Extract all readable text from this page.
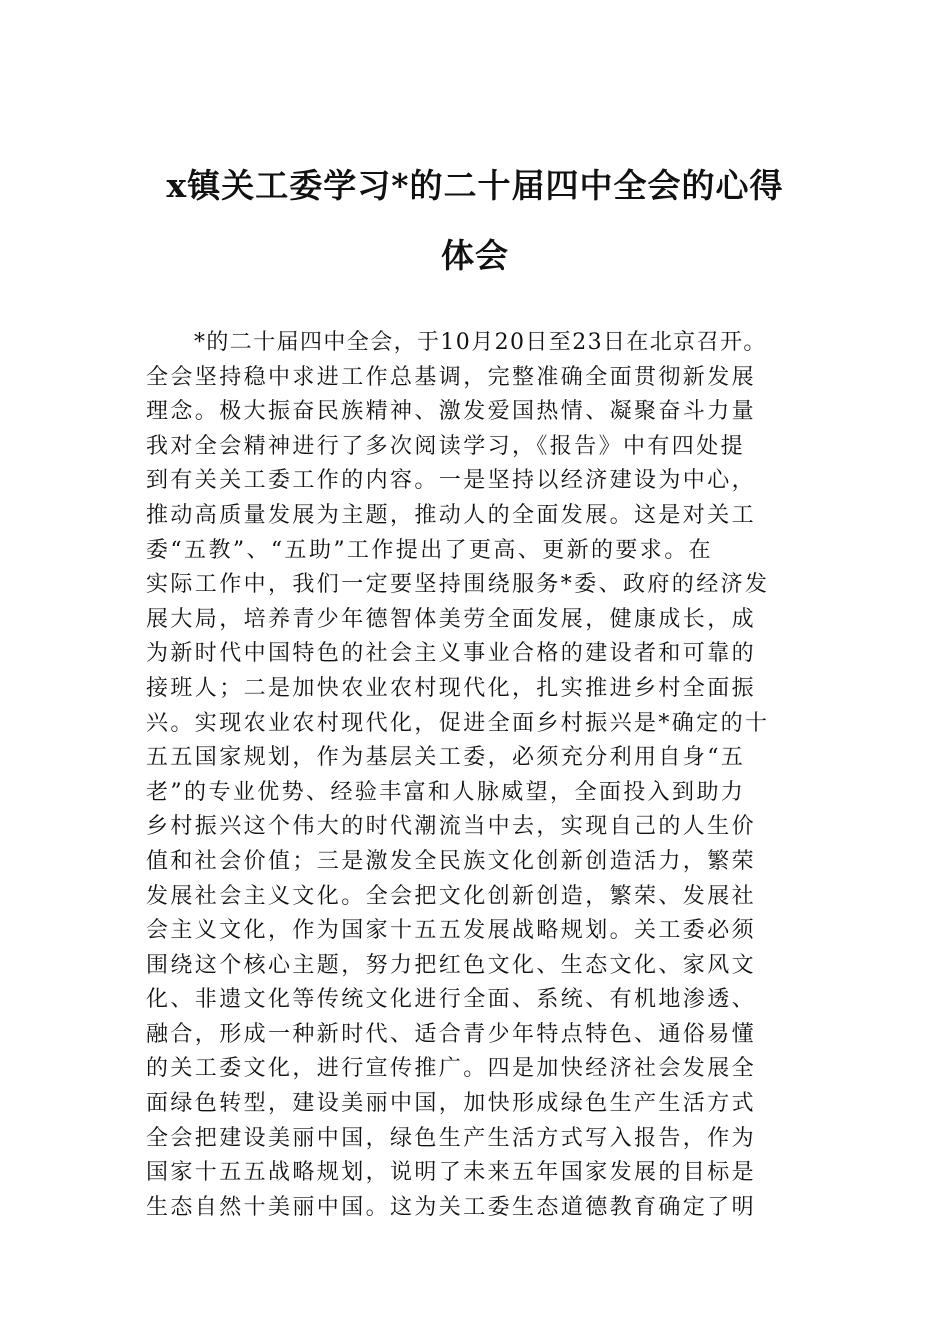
x镇关工委学习*的二十届四中全会的心得
体会
*的二十届四中全会，于10月20日至23日在北京召开。
全会坚持稳中求进工作总基调，完整准确全面贯彻新发展
理念。极大振奋民族精神、激发爱国热情、凝聚奋斗力量
我对全会精神进行了多次阅读学习，《报告》中有四处提
到有关关工委工作的内容。一是坚持以经济建设为中心，
推动高质量发展为主题，推动人的全面发展。这是对关工
委“五教”、“五助”工作提出了更高、更新的要求。在
实际工作中，我们一定要坚持围绕服务*委、政府的经济发
展大局，培养青少年德智体美劳全面发展，健康成长，成
为新时代中国特色的社会主义事业合格的建设者和可靠的
接班人；二是加快农业农村现代化，扎实推进乡村全面振
兴。实现农业农村现代化，促进全面乡村振兴是*确定的十
五五国家规划，作为基层关工委，必须充分利用自身“五
老”的专业优势、经验丰富和人脉威望，全面投入到助力
乡村振兴这个伟大的时代潮流当中去，实现自己的人生价
值和社会价值；三是激发全民族文化创新创造活力，繁荣
发展社会主义文化。全会把文化创新创造，繁荣、发展社
会主义文化，作为国家十五五发展战略规划。关工委必须
围绕这个核心主题，努力把红色文化、生态文化、家风文
化、非遗文化等传统文化进行全面、系统、有机地渗透、
融合，形成一种新时代、适合青少年特点特色、通俗易懂
的关工委文化，进行宣传推广。四是加快经济社会发展全
面绿色转型，建设美丽中国，加快形成绿色生产生活方式
全会把建设美丽中国，绿色生产生活方式写入报告，作为
国家十五五战略规划，说明了未来五年国家发展的目标是
生态自然十美丽中国。这为关工委生态道德教育确定了明
